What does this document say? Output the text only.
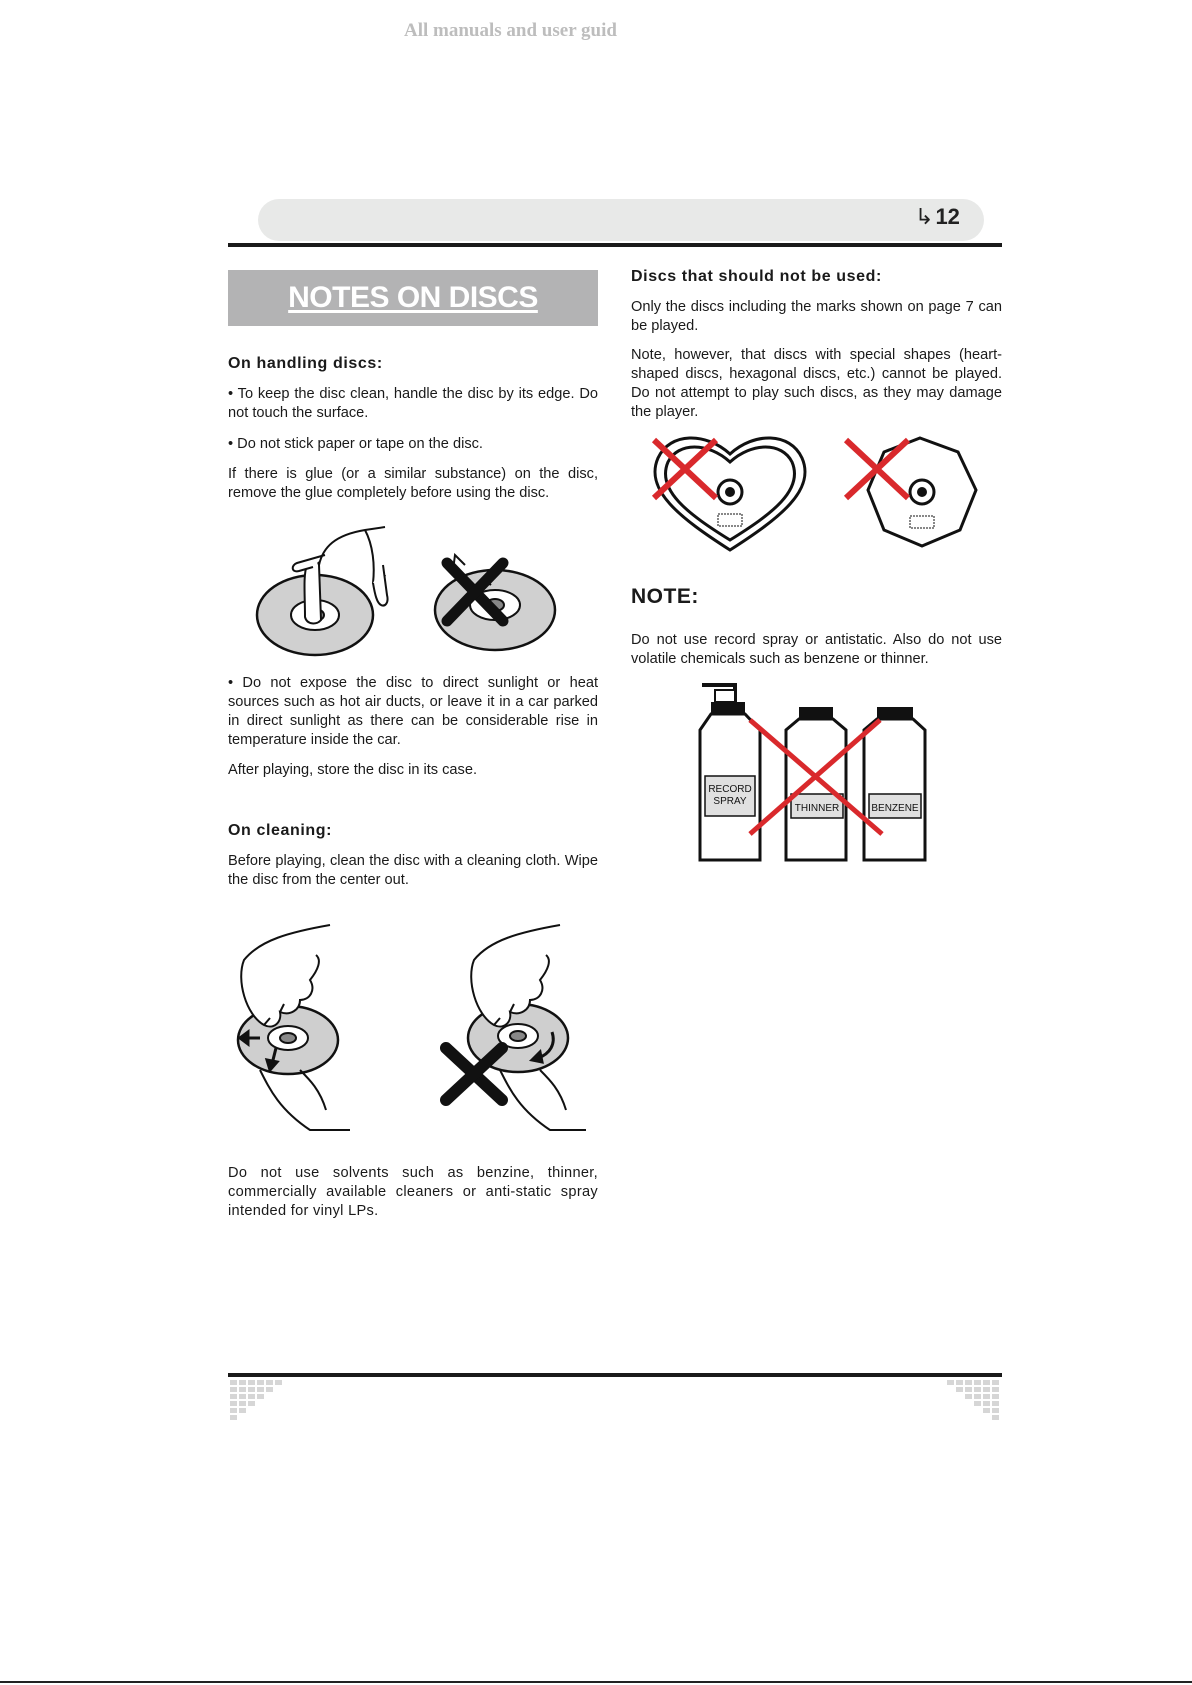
All manuals and user guid
↳12
NOTES ON DISCS
On handling discs:
• To keep the disc clean, handle the disc by its edge. Do not touch the surface.
• Do not stick paper or tape on the disc.
If there is glue (or a similar substance) on the disc, remove the glue completely before using the disc.
• Do not expose the disc to direct sunlight or heat sources such as hot air ducts, or leave it in a car parked in direct sunlight as there can be considerable rise in temperature inside the car.
After playing, store the disc in its case.
On cleaning:
Before playing, clean the disc with a cleaning cloth. Wipe the disc from the center out.
Do not use solvents such as benzine, thinner, commercially available cleaners or anti-static spray intended for vinyl LPs.
Discs that should not be used:
Only the discs including the marks shown on page 7 can be played.
Note, however, that discs with special shapes (heart-shaped discs, hexagonal discs, etc.) cannot be played. Do not attempt to play such discs, as they may damage the player.
NOTE:
Do not use record spray or antistatic. Also do not use volatile chemicals such as benzene or thinner.
RECORD
SPRAY
THINNER	BENZENE
